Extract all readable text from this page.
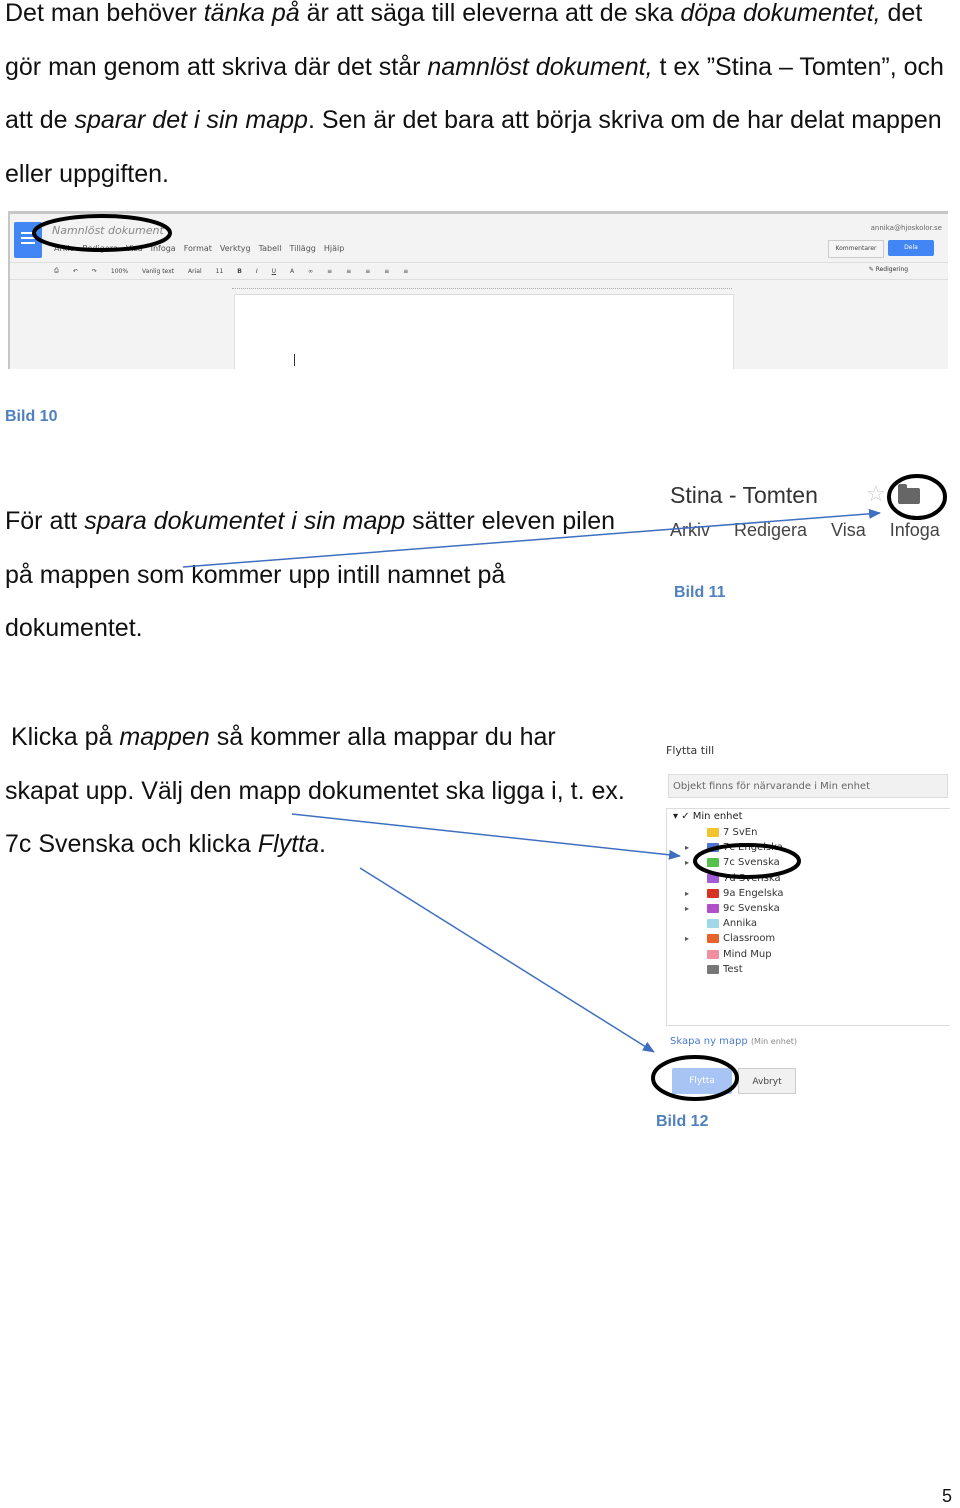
Det man behöver tänka på är att säga till eleverna att de ska döpa dokumentet, det gör man genom att skriva där det står namnlöst dokument, t ex ”Stina – Tomten”, och att de sparar det i sin mapp. Sen är det bara att börja skriva om de har delat mappen eller uppgiften.
Namnlöst dokument
Arkiv Redigera Visa Infoga Format Verktyg Tabell Tillägg Hjälp
annika@hjoskolor.se
Kommentarer	Dela
⎙ ↶ ↷ 100% Vanlig text Arial 11 B I U A ∞ ≡ ≡ ≡ ≡ ≡	✎ Redigering
Bild 10
För att spara dokumentet i sin mapp sätter eleven pilen på mappen som kommer upp intill namnet på dokumentet.
Stina - Tomten ☆
Arkiv Redigera Visa Infoga
Bild 11
Klicka på mappen så kommer alla mappar du har skapat upp. Välj den mapp dokumentet ska ligga i, t. ex. 7c Svenska och klicka Flytta.
Flytta till
Objekt finns för närvarande i Min enhet
▾ ✓ Min enhet
7 SvEn
▸	7c Engelska
▸	7c Svenska
7d Svenska
▸	9a Engelska
▸	9c Svenska
Annika
▸	Classroom
Mind Mup
Test
Skapa ny mapp (Min enhet)
Flytta	Avbryt
Bild 12
5
